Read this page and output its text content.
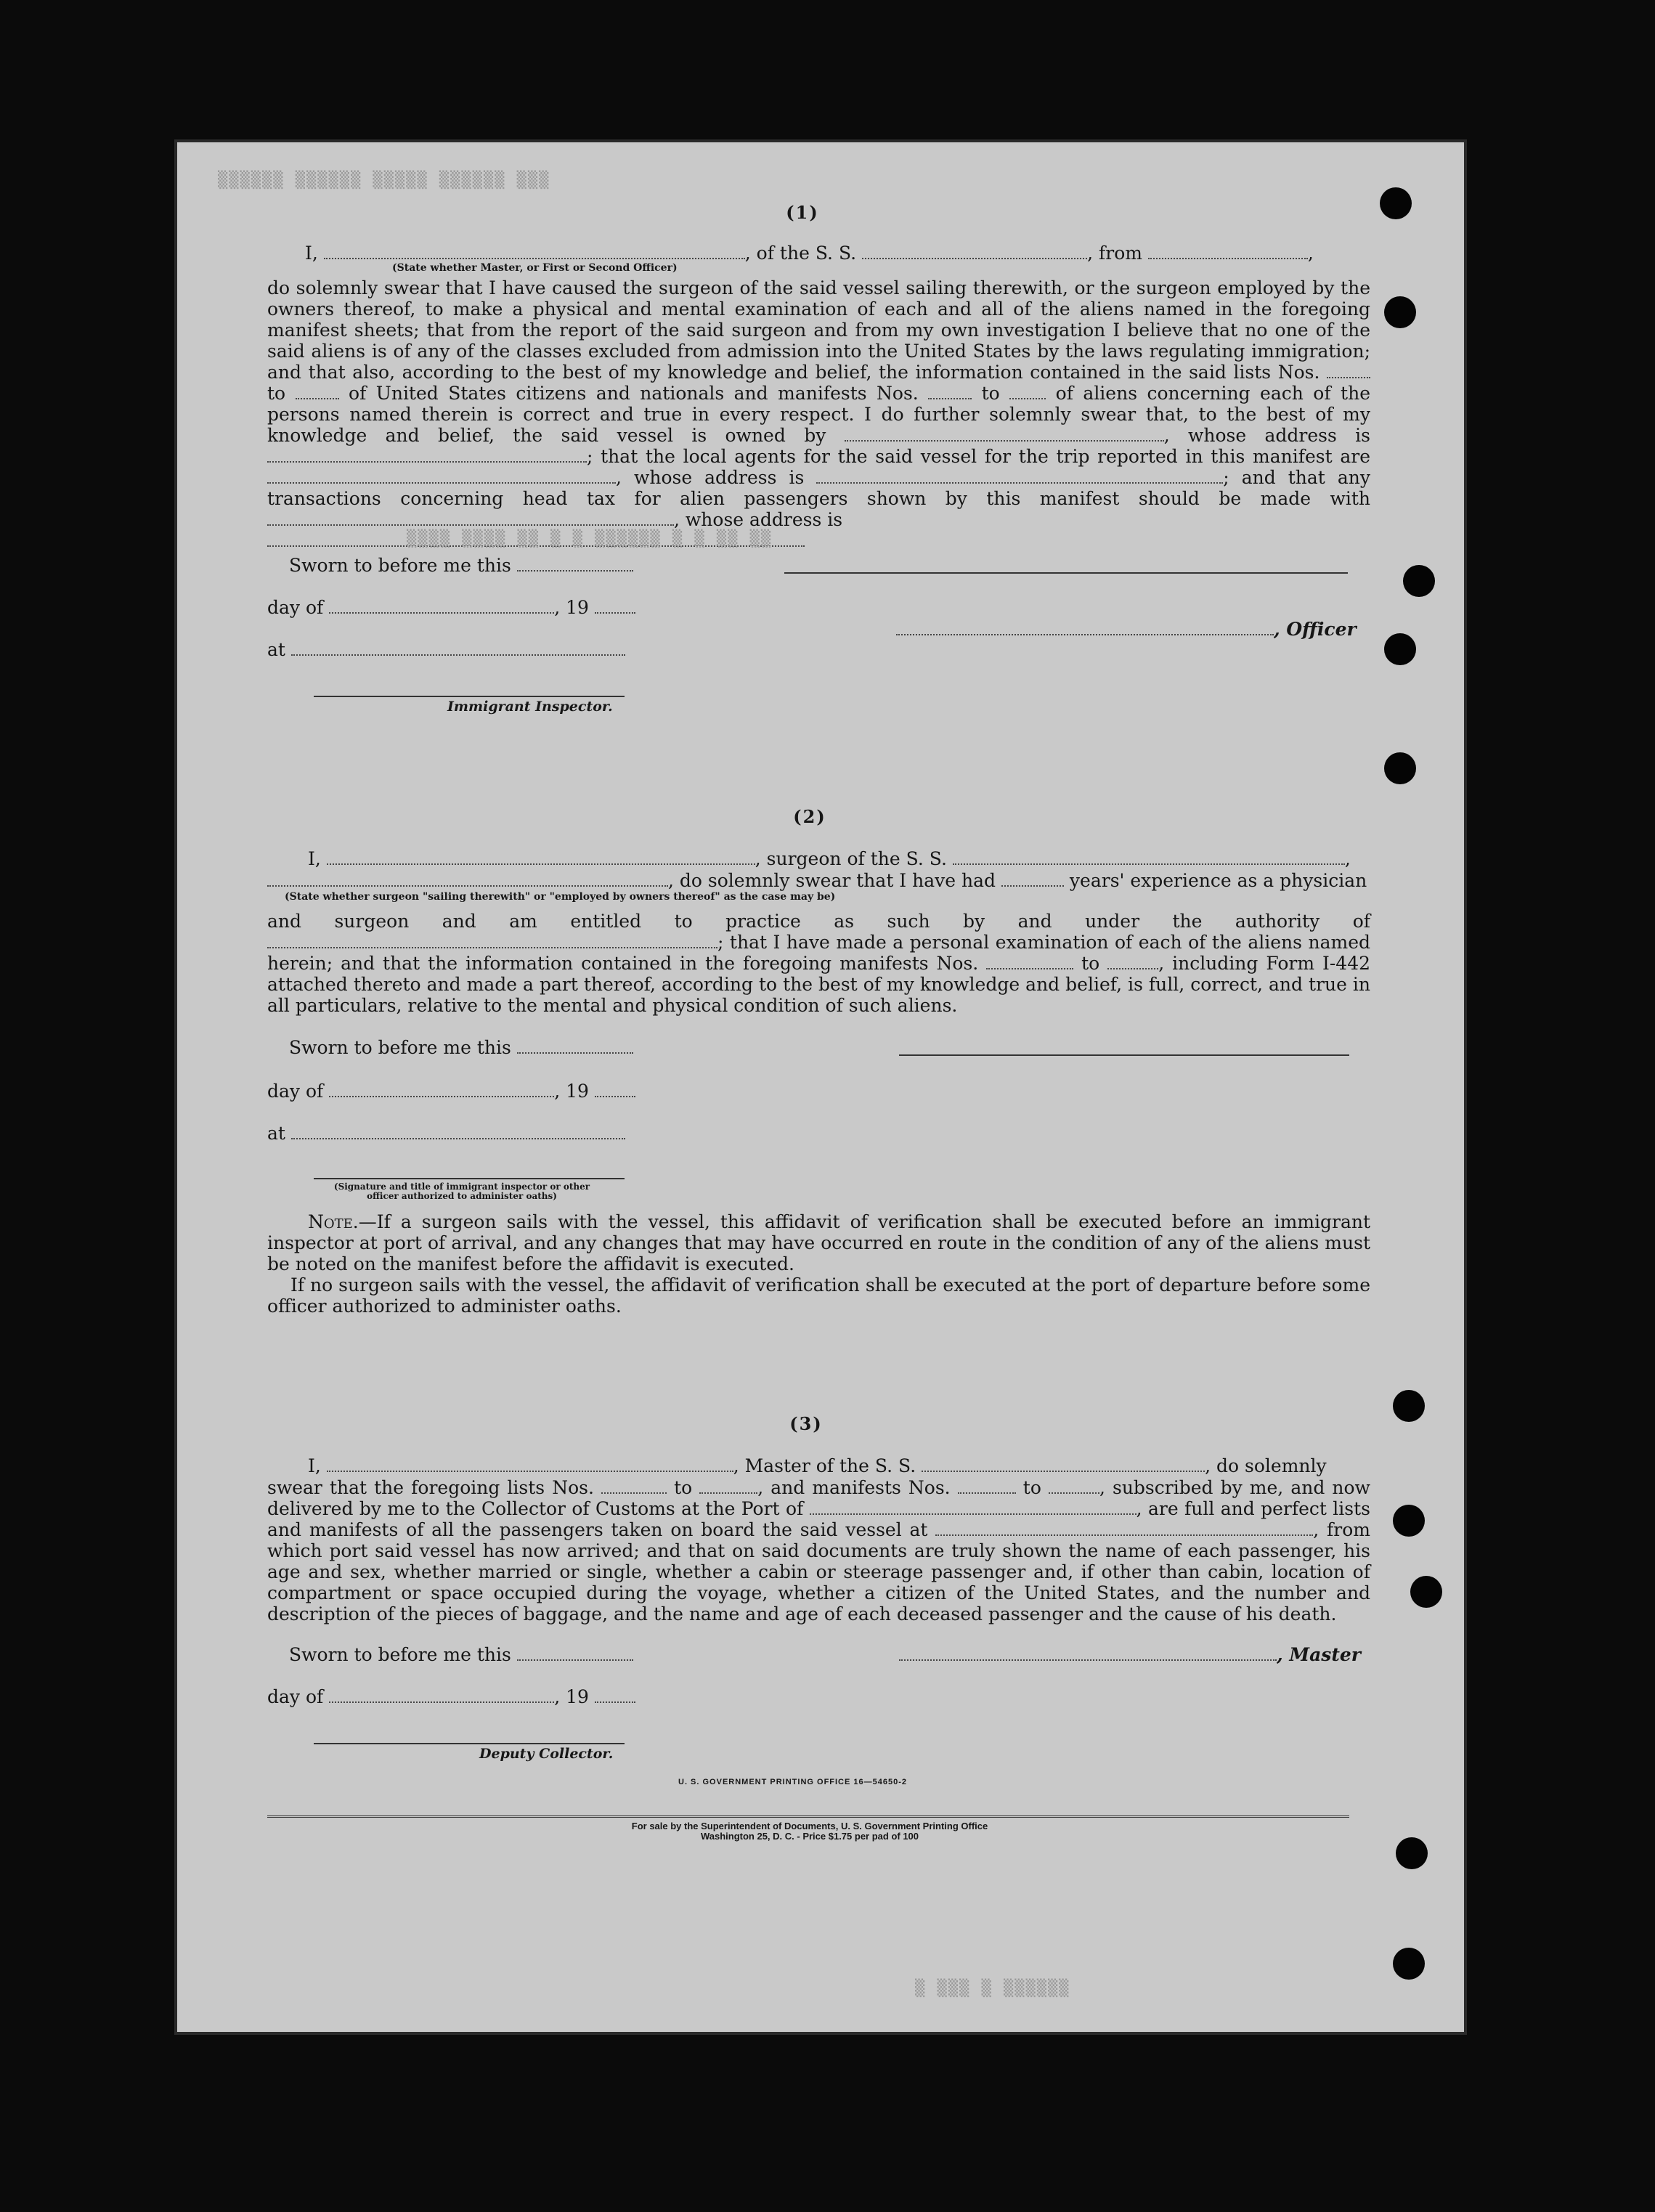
(1)
I,	, of the S. S.	, from	,
(State whether Master, or First or Second Officer)
do solemnly swear that I have caused the surgeon of the said vessel sailing therewith, or the surgeon employed by the owners thereof, to make a physical and mental examination of each and all of the aliens named in the foregoing manifest sheets; that from the report of the said surgeon and from my own investigation I believe that no one of the said aliens is of any of the classes excluded from admission into the United States by the laws regulating immigration; and that also, according to the best of my knowledge and belief, the information contained in the said lists Nos.  to	of United States citizens and nationals and manifests Nos.	to	of aliens concerning each of the persons named therein is correct and true in every respect. I do further solemnly swear that, to the best of my knowledge and belief, the said vessel is owned by	, whose address is ; that the local agents for the said vessel for the trip reported in this manifest are , whose address is	; and that any transactions concerning head tax for alien passengers shown by this manifest should be made with , whose address is

Sworn to before me this
day of	, 19
, Officer
at
Immigrant Inspector.
▒▒▒▒ ▒▒▒▒ ▒▒ ▒ ▒ ▒▒▒▒▒▒ ▒ ▒ ▒▒ ▒▒
▒▒▒▒▒▒ ▒▒▒▒▒▒ ▒▒▒▒▒ ▒▒▒▒▒▒ ▒▒▒
(2)
I,	, surgeon of the S. S.	,
, do solemnly swear that I have had	years' experience as a physician
(State whether surgeon "sailing therewith" or "employed by owners thereof" as the case may be)
and surgeon and am entitled to practice as such by and under the authority of ; that I have made a personal examination of each of the aliens named herein; and that the information contained in the foregoing manifests Nos.	to	, including Form I-442 attached thereto and made a part thereof, according to the best of my knowledge and belief, is full, correct, and true in all particulars, relative to the mental and physical condition of such aliens.
Sworn to before me this
day of	, 19
at
(Signature and title of immigrant inspector or other officer authorized to administer oaths)
Note.—If a surgeon sails with the vessel, this affidavit of verification shall be executed before an immigrant inspector at port of arrival, and any changes that may have occurred en route in the condition of any of the aliens must be noted on the manifest before the affidavit is executed.
If no surgeon sails with the vessel, the affidavit of verification shall be executed at the port of departure before some officer authorized to administer oaths.
(3)
I,	, Master of the S. S.	, do solemnly
swear that the foregoing lists Nos.	to	, and manifests Nos.	to	, subscribed by me, and now delivered by me to the Collector of Customs at the Port of	, are full and perfect lists and manifests of all the passengers taken on board the said vessel at	, from which port said vessel has now arrived; and that on said documents are truly shown the name of each passenger, his age and sex, whether married or single, whether a cabin or steerage passenger and, if other than cabin, location of compartment or space occupied during the voyage, whether a citizen of the United States, and the number and description of the pieces of baggage, and the name and age of each deceased passenger and the cause of his death.
Sworn to before me this	, Master
day of	, 19
Deputy Collector.
U. S. GOVERNMENT PRINTING OFFICE 16—54650-2
For sale by the Superintendent of Documents, U. S. Government Printing Office
Washington 25, D. C. - Price $1.75 per pad of 100
▒ ▒▒▒ ▒ ▒▒▒▒▒▒
